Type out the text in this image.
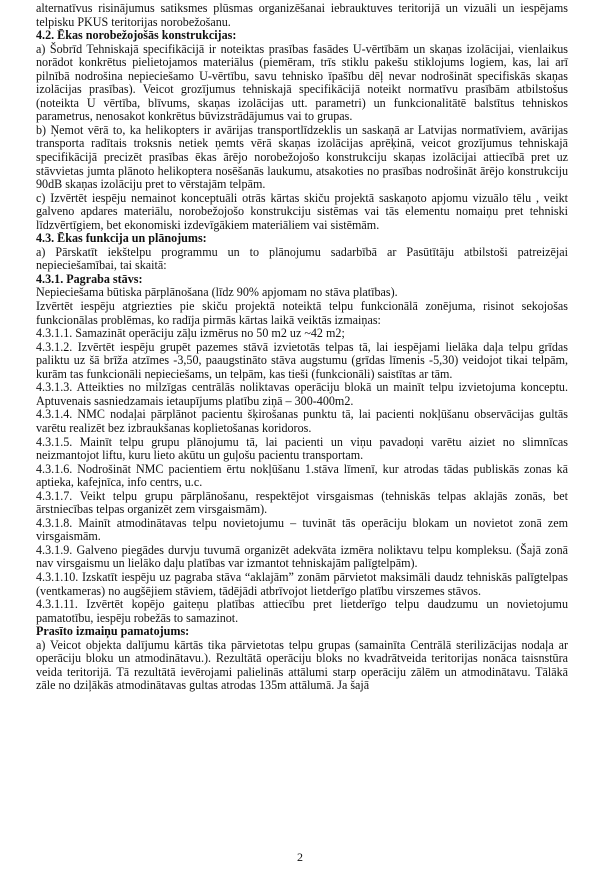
alternatīvus risinājumus satiksmes plūsmas organizēšanai iebrauktuves teritorijā un vizuāli un iespējams telpisku PKUS teritorijas norobežošanu.

4.2. Ēkas norobežojošās konstrukcijas:

a) Šobrīd Tehniskajā specifikācijā ir noteiktas prasības fasādes U-vērtībām un skaņas izolācijai, vienlaikus norādot konkrētus pielietojamos materiālus (piemēram, trīs stiklu pakešu stiklojums logiem, kas, lai arī pilnībā nodrošina nepieciešamo U-vērtību, savu tehnisko īpašību dēļ nevar nodrošināt specifiskās skaņas izolācijas prasības). Veicot grozījumus tehniskajā specifikācijā noteikt normatīvu prasībām atbilstošus (noteikta U vērtība, blīvums, skaņas izolācijas utt. parametri) un funkcionalitātē balstītus tehniskos parametrus, nenosakot konkrētus būvizstrādājumus vai to grupas.

b) Ņemot vērā to, ka helikopters ir avārijas transportlīdzeklis un saskaņā ar Latvijas normatīviem, avārijas transporta radītais troksnis netiek ņemts vērā skaņas izolācijas aprēķinā, veicot grozījumus tehniskajā specifikācijā precizēt prasības ēkas ārējo norobežojošo konstrukciju skaņas izolācijai attiecībā pret uz stāvvietas jumta plānoto helikoptera nosēšanās laukumu, atsakoties no prasības nodrošināt ārējo konstrukciju 90dB skaņas izolāciju pret to vērstajām telpām.

c) Izvērtēt iespēju nemainot konceptuāli otrās kārtas skiču projektā saskaņoto apjomu vizuālo tēlu , veikt galveno apdares materiālu, norobežojošo konstrukciju sistēmas vai tās elementu nomaiņu pret tehniski līdzvērtīgiem, bet ekonomiski izdevīgākiem materiāliem vai sistēmām.

4.3. Ēkas funkcija un plānojums:

a) Pārskatīt iekštelpu programmu un to plānojumu sadarbībā ar Pasūtītāju atbilstoši patreizējai nepieciešamībai, tai skaitā:

4.3.1. Pagraba stāvs:

Nepieciešama būtiska pārplānošana (līdz 90% apjomam no stāva platības).

Izvērtēt iespēju atgriezties pie skiču projektā noteiktā telpu funkcionālā zonējuma, risinot sekojošas funkcionālas problēmas, ko radīja pirmās kārtas laikā veiktās izmaiņas:

4.3.1.1. Samazināt operāciju zāļu izmērus no 50 m2 uz ~42 m2;

4.3.1.2. Izvērtēt iespēju grupēt pazemes stāvā izvietotās telpas tā, lai iespējami lielāka daļa telpu grīdas paliktu uz šā brīža atzīmes -3,50, paaugstināto stāva augstumu (grīdas līmenis -5,30) veidojot tikai telpām, kurām tas funkcionāli nepieciešams, un telpām, kas tieši (funkcionāli) saistītas ar tām.

4.3.1.3. Atteikties no milzīgas centrālās noliktavas operāciju blokā un mainīt telpu izvietojuma konceptu. Aptuvenais sasniedzamais ietaupījums platību ziņā – 300-400m2.

4.3.1.4. NMC nodaļai pārplānot pacientu šķirošanas punktu tā, lai pacienti nokļūšanu observācijas gultās varētu realizēt bez izbraukšanas koplietošanas koridoros.

4.3.1.5. Mainīt telpu grupu plānojumu tā, lai pacienti un viņu pavadoņi varētu aiziet no slimnīcas neizmantojot liftu, kuru lieto akūtu un guļošu pacientu transportam.

4.3.1.6. Nodrošināt NMC pacientiem ērtu nokļūšanu 1.stāva līmenī, kur atrodas tādas publiskās zonas kā aptieka, kafejnīca, info centrs, u.c.

4.3.1.7. Veikt telpu grupu pārplānošanu, respektējot virsgaismas (tehniskās telpas aklajās zonās, bet ārstniecības telpas organizēt zem virsgaismām).

4.3.1.8. Mainīt atmodinātavas telpu novietojumu – tuvināt tās operāciju blokam un novietot zonā zem virsgaismām.

4.3.1.9. Galveno piegādes durvju tuvumā organizēt adekvāta izmēra noliktavu telpu kompleksu. (Šajā zonā nav virsgaismu un lielāko daļu platības var izmantot tehniskajām palīgtelpām).

4.3.1.10. Izskatīt iespēju uz pagraba stāva “aklajām” zonām pārvietot maksimāli daudz tehniskās palīgtelpas (ventkameras) no augšējiem stāviem, tādējādi atbrīvojot lietderīgo platību virszemes stāvos.

4.3.1.11. Izvērtēt kopējo gaiteņu platības attiecību pret lietderīgo telpu daudzumu un novietojumu pamatotību, iespēju robežās to samazinot.

Prasīto izmaiņu pamatojums:

a) Veicot objekta dalījumu kārtās tika pārvietotas telpu grupas (samainīta Centrālā sterilizācijas nodaļa ar operāciju bloku un atmodinātavu.). Rezultātā operāciju bloks no kvadrātveida teritorijas nonāca taisnstūra veida teritorijā. Tā rezultātā ievērojami palielinās attālumi starp operāciju zālēm un atmodinātavu. Tālākā zāle no dziļākās atmodinātavas gultas atrodas 135m attālumā. Ja šajā

2
